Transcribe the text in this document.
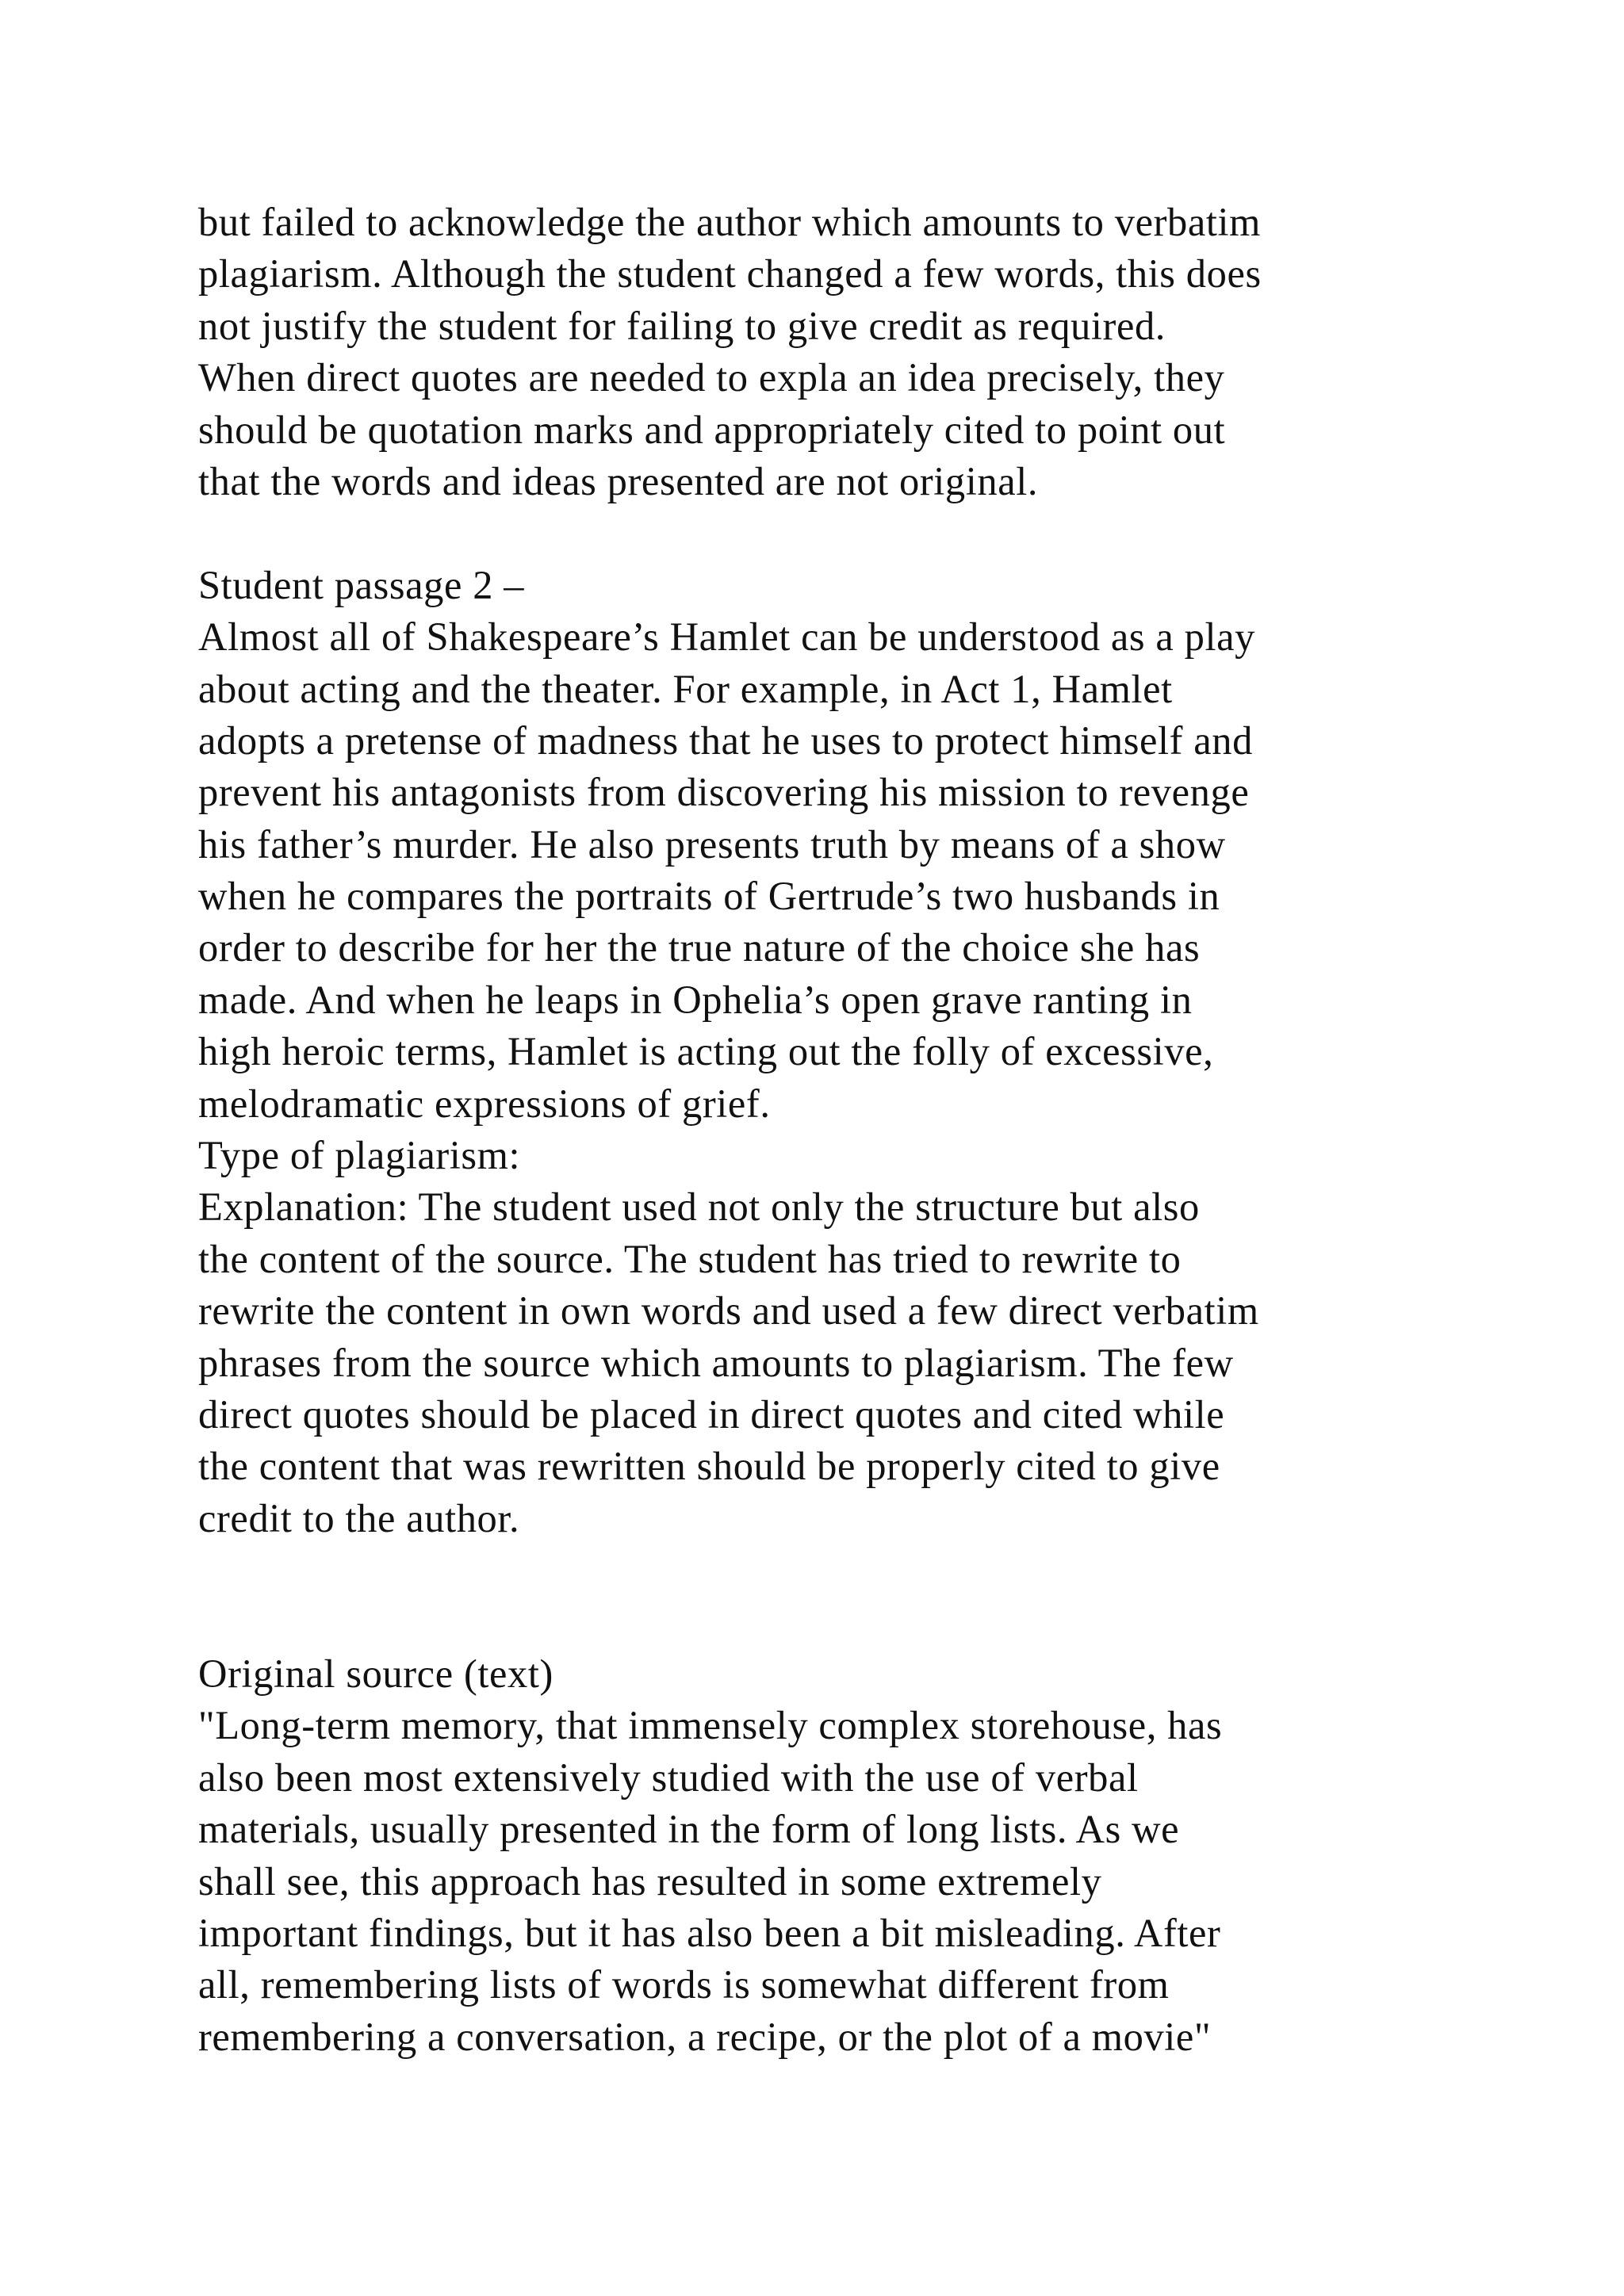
but failed to acknowledge the author which amounts to verbatim
plagiarism. Although the student changed a few words, this does
not justify the student for failing to give credit as required.
When direct quotes are needed to expla an idea precisely, they
should be quotation marks and appropriately cited to point out
that the words and ideas presented are not original.
Student passage 2 –
Almost all of Shakespeare’s Hamlet can be understood as a play
about acting and the theater. For example, in Act 1, Hamlet
adopts a pretense of madness that he uses to protect himself and
prevent his antagonists from discovering his mission to revenge
his father’s murder. He also presents truth by means of a show
when he compares the portraits of Gertrude’s two husbands in
order to describe for her the true nature of the choice she has
made. And when he leaps in Ophelia’s open grave ranting in
high heroic terms, Hamlet is acting out the folly of excessive,
melodramatic expressions of grief.
Type of plagiarism:
Explanation: The student used not only the structure but also
the content of the source. The student has tried to rewrite to
rewrite the content in own words and used a few direct verbatim
phrases from the source which amounts to plagiarism. The few
direct quotes should be placed in direct quotes and cited while
the content that was rewritten should be properly cited to give
credit to the author.
Original source (text)
"Long-term memory, that immensely complex storehouse, has
also been most extensively studied with the use of verbal
materials, usually presented in the form of long lists. As we
shall see, this approach has resulted in some extremely
important findings, but it has also been a bit misleading. After
all, remembering lists of words is somewhat different from
remembering a conversation, a recipe, or the plot of a movie"
